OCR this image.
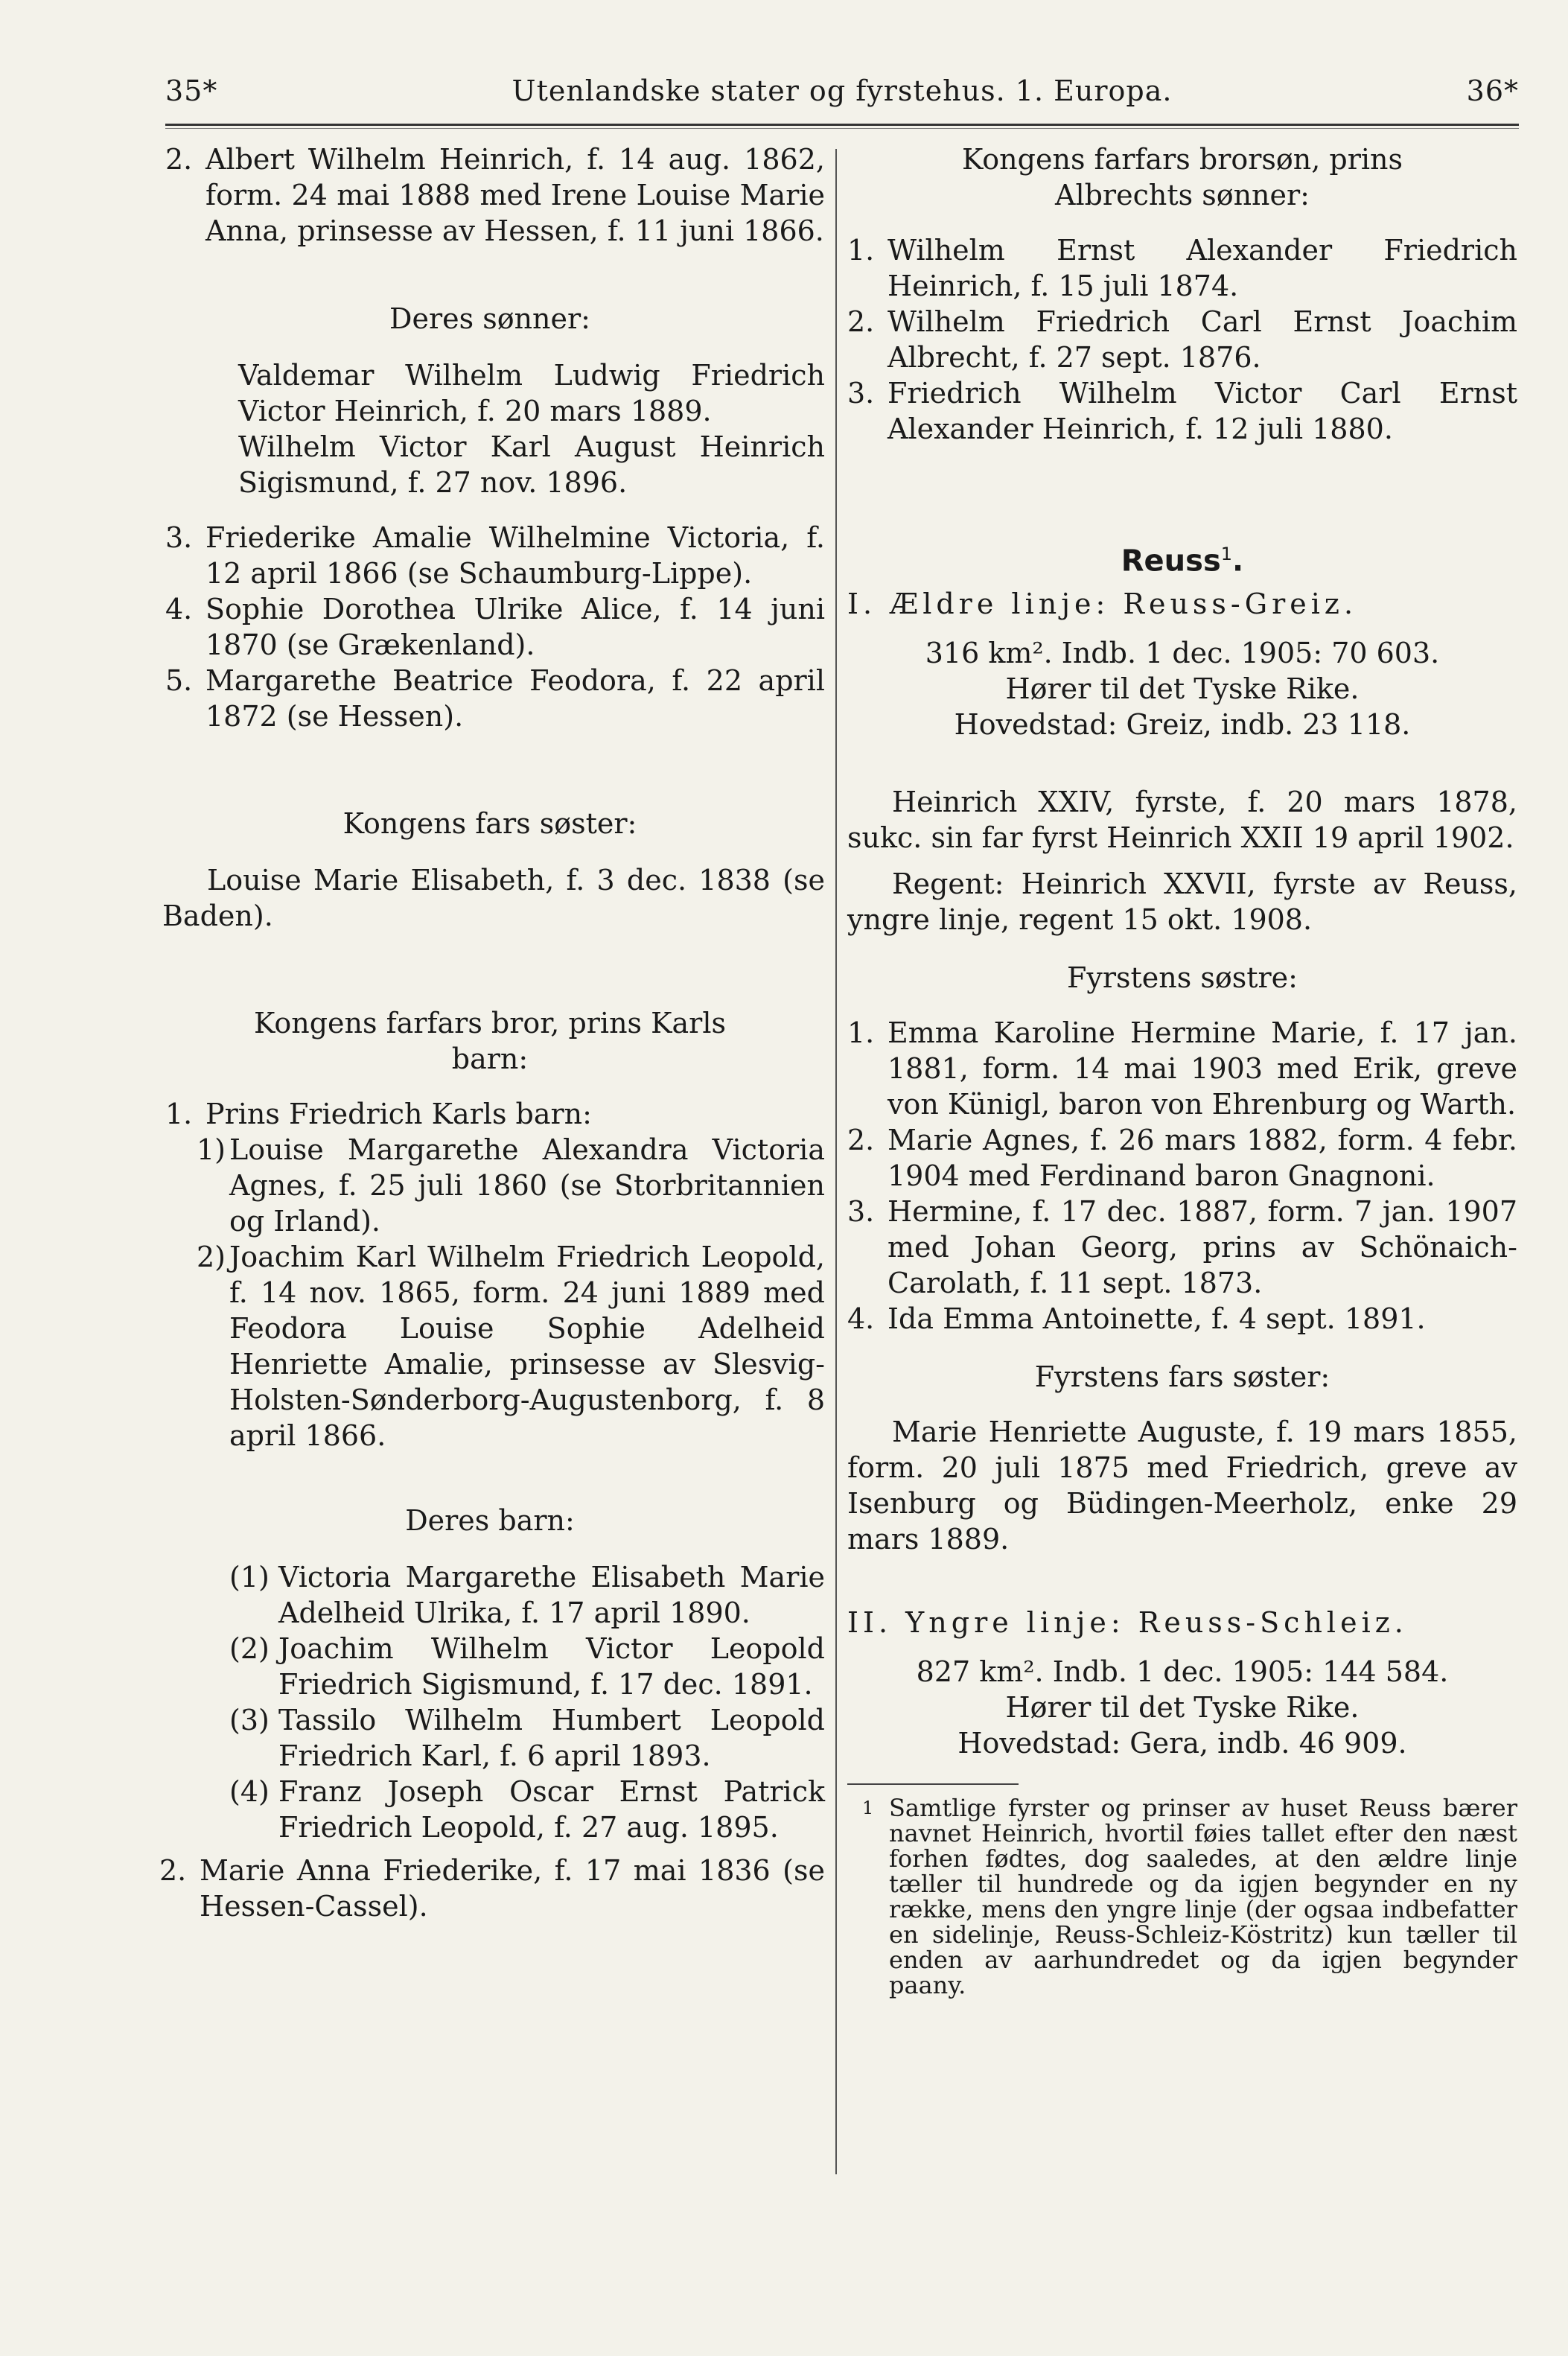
35*	Utenlandske stater og fyrstehus. 1. Europa.	36*
2. Albert Wilhelm Heinrich, f. 14 aug. 1862, form. 24 mai 1888 med Irene Louise Marie Anna, prinsesse av Hessen, f. 11 juni 1866.

Deres sønner:

Valdemar Wilhelm Ludwig Friedrich Victor Heinrich, f. 20 mars 1889.

Wilhelm Victor Karl August Heinrich Sigismund, f. 27 nov. 1896.

3. Friederike Amalie Wilhelmine Victoria, f. 12 april 1866 (se Schaumburg-Lippe).
4. Sophie Dorothea Ulrike Alice, f. 14 juni 1870 (se Grækenland).
5. Margarethe Beatrice Feodora, f. 22 april 1872 (se Hessen).

Kongens fars søster:

Louise Marie Elisabeth, f. 3 dec. 1838 (se Baden).

Kongens farfars bror, prins Karls barn:

1. Prins Friedrich Karls barn:
1) Louise Margarethe Alexandra Victoria Agnes, f. 25 juli 1860 (se Storbritannien og Irland).
2) Joachim Karl Wilhelm Friedrich Leopold, f. 14 nov. 1865, form. 24 juni 1889 med Feodora Louise Sophie Adelheid Henriette Amalie, prinsesse av Slesvig-Holsten-Sønderborg-Augustenborg, f. 8 april 1866.

Deres barn:

(1) Victoria Margarethe Elisabeth Marie Adelheid Ulrika, f. 17 april 1890.
(2) Joachim Wilhelm Victor Leopold Friedrich Sigismund, f. 17 dec. 1891.
(3) Tassilo Wilhelm Humbert Leopold Friedrich Karl, f. 6 april 1893.
(4) Franz Joseph Oscar Ernst Patrick Friedrich Leopold, f. 27 aug. 1895.
2. Marie Anna Friederike, f. 17 mai 1836 (se Hessen-Cassel).

Kongens farfars brorsøn, prins Albrechts sønner:

1. Wilhelm Ernst Alexander Friedrich Heinrich, f. 15 juli 1874.
2. Wilhelm Friedrich Carl Ernst Joachim Albrecht, f. 27 sept. 1876.
3. Friedrich Wilhelm Victor Carl Ernst Alexander Heinrich, f. 12 juli 1880.

Reuss$^1$.

I. Ældre linje: Reuss-Greiz.

316 km². Indb. 1 dec. 1905: 70 603.

Hører til det Tyske Rike.

Hovedstad: Greiz, indb. 23 118.

Heinrich XXIV, fyrste, f. 20 mars 1878, sukc. sin far fyrst Heinrich XXII 19 april 1902.

Regent: Heinrich XXVII, fyrste av Reuss, yngre linje, regent 15 okt. 1908.

Fyrstens søstre:

1. Emma Karoline Hermine Marie, f. 17 jan. 1881, form. 14 mai 1903 med Erik, greve von Künigl, baron von Ehrenburg og Warth.
2. Marie Agnes, f. 26 mars 1882, form. 4 febr. 1904 med Ferdinand baron Gnagnoni.
3. Hermine, f. 17 dec. 1887, form. 7 jan. 1907 med Johan Georg, prins av Schönaich-Carolath, f. 11 sept. 1873.
4. Ida Emma Antoinette, f. 4 sept. 1891.

Fyrstens fars søster:

Marie Henriette Auguste, f. 19 mars 1855, form. 20 juli 1875 med Friedrich, greve av Isenburg og Büdingen-Meerholz, enke 29 mars 1889.

II. Yngre linje: Reuss-Schleiz.

827 km². Indb. 1 dec. 1905: 144 584.

Hører til det Tyske Rike.

Hovedstad: Gera, indb. 46 909.

1 Samtlige fyrster og prinser av huset Reuss bærer navnet Heinrich, hvortil føies tallet efter den næst forhen fødtes, dog saaledes, at den ældre linje tæller til hundrede og da igjen begynder en ny række, mens den yngre linje (der ogsaa indbefatter en sidelinje, Reuss-Schleiz-Köstritz) kun tæller til enden av aarhundredet og da igjen begynder paany.
